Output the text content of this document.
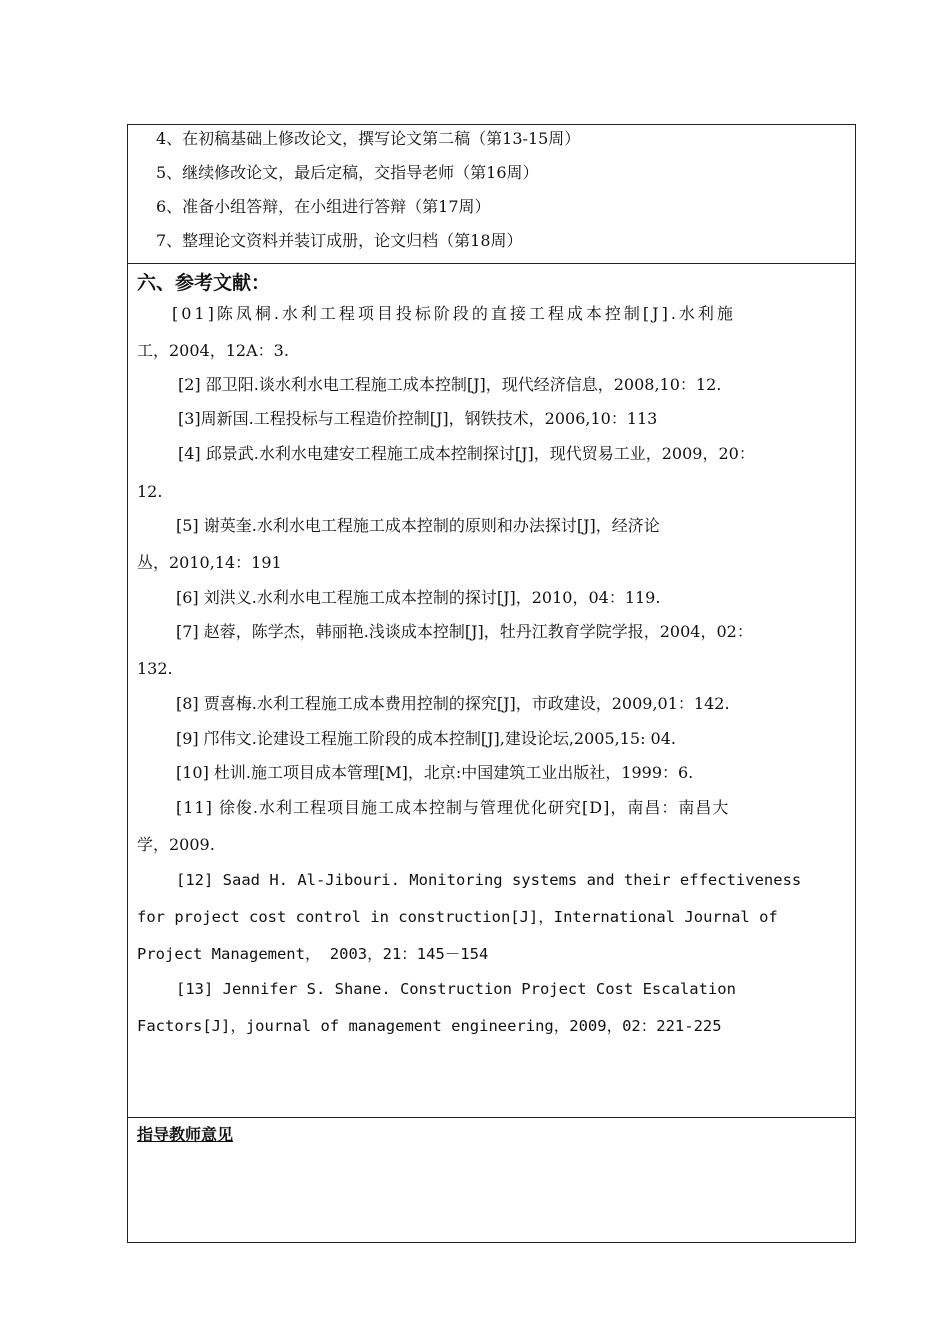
4、在初稿基础上修改论文，撰写论文第二稿（第13-15周）
5、继续修改论文，最后定稿，交指导老师（第16周）
6、准备小组答辩，在小组进行答辩（第17周）
7、整理论文资料并装订成册，论文归档（第18周）
六、参考文献：
[01]陈凤桐.水利工程项目投标阶段的直接工程成本控制[J].水利施
工，2004，12A：3.
[2] 邵卫阳.谈水利水电工程施工成本控制[J]，现代经济信息，2008,10：12.
[3]周新国.工程投标与工程造价控制[J]，钢铁技术，2006,10：113
[4] 邱景武.水利水电建安工程施工成本控制探讨[J]，现代贸易工业，2009，20：
12.
[5] 谢英奎.水利水电工程施工成本控制的原则和办法探讨[J]，经济论
丛，2010,14：191
[6] 刘洪义.水利水电工程施工成本控制的探讨[J]，2010，04：119.
[7] 赵蓉，陈学杰，韩丽艳.浅谈成本控制[J]，牡丹江教育学院学报，2004，02：
132.
[8] 贾喜梅.水利工程施工成本费用控制的探究[J]，市政建设，2009,01：142.
[9] 邝伟文.论建设工程施工阶段的成本控制[J],建设论坛,2005,15: 04.
[10] 杜训.施工项目成本管理[M]，北京:中国建筑工业出版社，1999：6.
[11] 徐俊.水利工程项目施工成本控制与管理优化研究[D]，南昌：南昌大
学，2009.
[12] Saad H. Al-Jibouri. Monitoring systems and their effectiveness
for project cost control in construction[J]，International Journal of
Project Management， 2003，21：145－154
[13] Jennifer S. Shane. Construction Project Cost Escalation
Factors[J]，journal of management engineering，2009，02：221-225
指导教师意见
